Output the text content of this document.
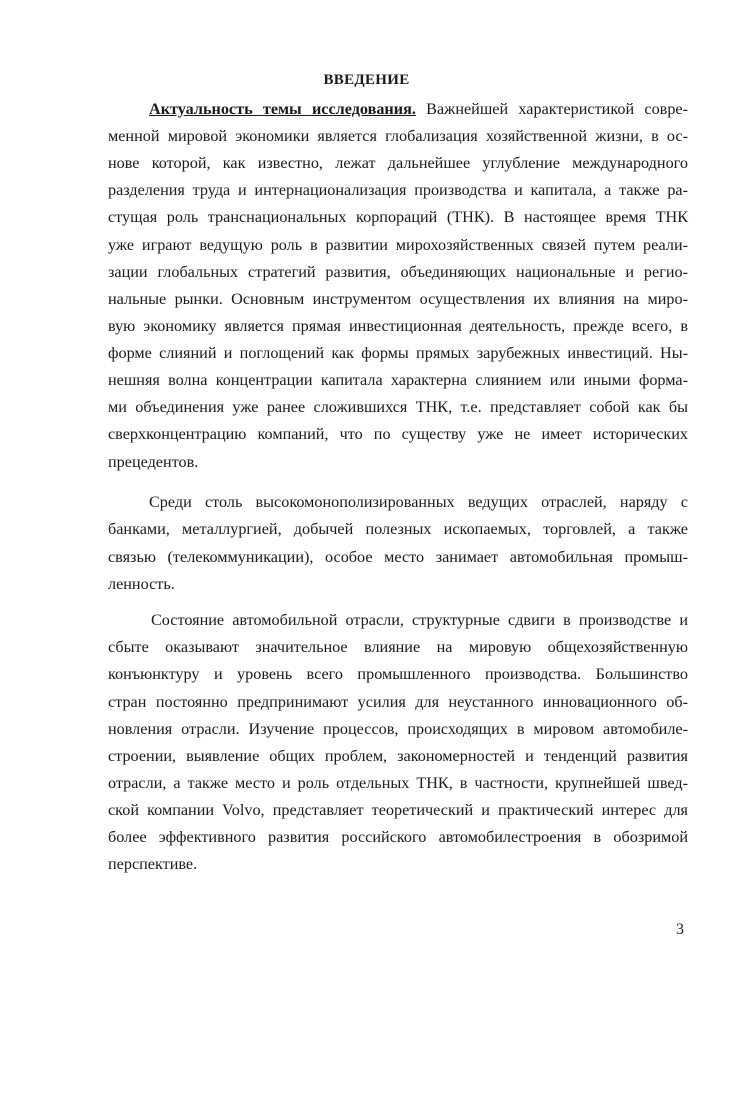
ВВЕДЕНИЕ
Актуальность темы исследования. Важнейшей характеристикой совре-
менной мировой экономики является глобализация хозяйственной жизни, в ос-
нове которой, как известно, лежат дальнейшее углубление международного
разделения труда и интернационализация производства и капитала, а также ра-
стущая роль транснациональных корпораций (ТНК). В настоящее время ТНК
уже играют ведущую роль в развитии мирохозяйственных связей путем реали-
зации глобальных стратегий развития, объединяющих национальные и регио-
нальные рынки. Основным инструментом осуществления их влияния на миро-
вую экономику является прямая инвестиционная деятельность, прежде всего, в
форме слияний и поглощений как формы прямых зарубежных инвестиций. Ны-
нешняя волна концентрации капитала характерна слиянием или иными форма-
ми объединения уже ранее сложившихся ТНК, т.е. представляет собой как бы
сверхконцентрацию компаний, что по существу уже не имеет исторических
прецедентов.
Среди столь высокомонополизированных ведущих отраслей, наряду с
банками, металлургией, добычей полезных ископаемых, торговлей, а также
связью (телекоммуникации), особое место занимает автомобильная промыш-
ленность.
Состояние автомобильной отрасли, структурные сдвиги в производстве и
сбыте оказывают значительное влияние на мировую общехозяйственную
конъюнктуру и уровень всего промышленного производства. Большинство
стран постоянно предпринимают усилия для неустанного инновационного об-
новления отрасли. Изучение процессов, происходящих в мировом автомобиле-
строении, выявление общих проблем, закономерностей и тенденций развития
отрасли, а также место и роль отдельных ТНК, в частности, крупнейшей швед-
ской компании Volvo, представляет теоретический и практический интерес для
более эффективного развития российского автомобилестроения в обозримой
перспективе.
3
